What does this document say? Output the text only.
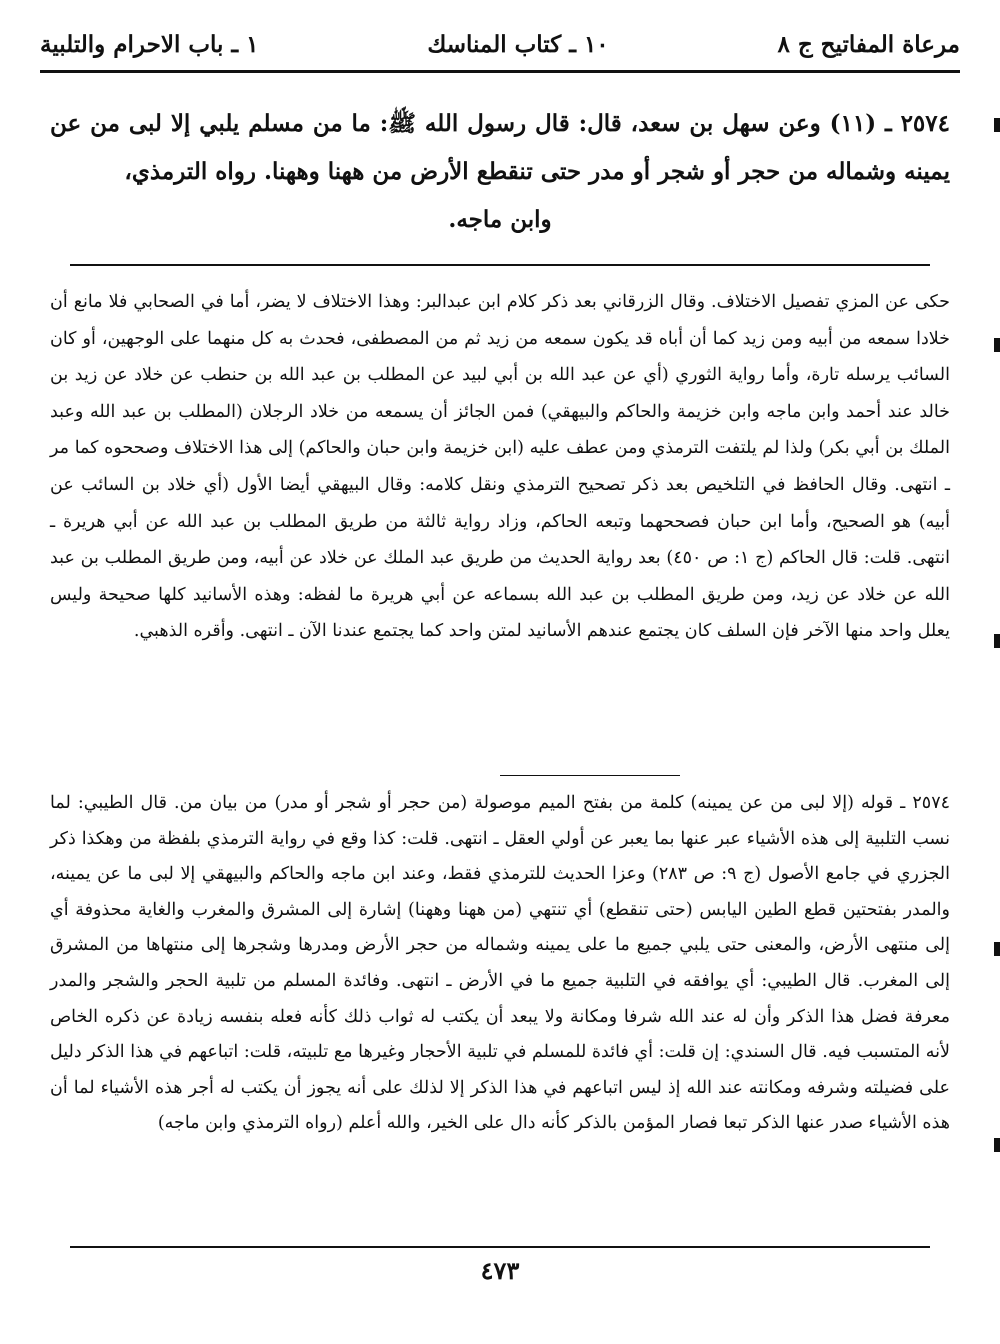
مرعاة المفاتيح ج ٨
١٠ ـ كتاب المناسك
١ ـ باب الاحرام والتلبية
٢٥٧٤ ـ (١١) وعن سهل بن سعد، قال: قال رسول الله ﷺ: ما من مسلم يلبي إلا لبى من عن يمينه وشماله من حجر أو شجر أو مدر حتى تنقطع الأرض من ههنا وههنا. رواه الترمذي،
وابن ماجه.

حكى عن المزي تفصيل الاختلاف. وقال الزرقاني بعد ذكر كلام ابن عبدالبر: وهذا الاختلاف لا يضر، أما في الصحابي فلا مانع أن خلادا سمعه من أبيه ومن زيد كما أن أباه قد يكون سمعه من زيد ثم من المصطفى، فحدث به كل منهما على الوجهين، أو كان السائب يرسله تارة، وأما رواية الثوري (أي عن عبد الله بن أبي لبيد عن المطلب بن عبد الله بن حنطب عن خلاد عن زيد بن خالد عند أحمد وابن ماجه وابن خزيمة والحاكم والبيهقي) فمن الجائز أن يسمعه من خلاد الرجلان (المطلب بن عبد الله وعبد الملك بن أبي بكر) ولذا لم يلتفت الترمذي ومن عطف عليه (ابن خزيمة وابن حبان والحاكم) إلى هذا الاختلاف وصححوه كما مر ـ انتهى. وقال الحافظ في التلخيص بعد ذكر تصحيح الترمذي ونقل كلامه: وقال البيهقي أيضا الأول (أي خلاد بن السائب عن أبيه) هو الصحيح، وأما ابن حبان فصححهما وتبعه الحاكم، وزاد رواية ثالثة من طريق المطلب بن عبد الله عن أبي هريرة ـ انتهى. قلت: قال الحاكم (ج ١: ص ٤٥٠) بعد رواية الحديث من طريق عبد الملك عن خلاد عن أبيه، ومن طريق المطلب بن عبد الله عن خلاد عن زيد، ومن طريق المطلب بن عبد الله بسماعه عن أبي هريرة ما لفظه: وهذه الأسانيد كلها صحيحة وليس يعلل واحد منها الآخر فإن السلف كان يجتمع عندهم الأسانيد لمتن واحد كما يجتمع عندنا الآن ـ انتهى. وأقره الذهبي.

٢٥٧٤ ـ قوله (إلا لبى من عن يمينه) كلمة من بفتح الميم موصولة (من حجر أو شجر أو مدر) من بيان من. قال الطيبي: لما نسب التلبية إلى هذه الأشياء عبر عنها بما يعبر عن أولي العقل ـ انتهى. قلت: كذا وقع في رواية الترمذي بلفظة من وهكذا ذكر الجزري في جامع الأصول (ج ٩: ص ٢٨٣) وعزا الحديث للترمذي فقط، وعند ابن ماجه والحاكم والبيهقي إلا لبى ما عن يمينه، والمدر بفتحتين قطع الطين اليابس (حتى تنقطع) أي تنتهي (من ههنا وههنا) إشارة إلى المشرق والمغرب والغاية محذوفة أي إلى منتهى الأرض، والمعنى حتى يلبي جميع ما على يمينه وشماله من حجر الأرض ومدرها وشجرها إلى منتهاها من المشرق إلى المغرب. قال الطيبي: أي يوافقه في التلبية جميع ما في الأرض ـ انتهى. وفائدة المسلم من تلبية الحجر والشجر والمدر معرفة فضل هذا الذكر وأن له عند الله شرفا ومكانة ولا يبعد أن يكتب له ثواب ذلك كأنه فعله بنفسه زيادة عن ذكره الخاص لأنه المتسبب فيه. قال السندي: إن قلت: أي فائدة للمسلم في تلبية الأحجار وغيرها مع تلبيته، قلت: اتباعهم في هذا الذكر دليل على فضيلته وشرفه ومكانته عند الله إذ ليس اتباعهم في هذا الذكر إلا لذلك على أنه يجوز أن يكتب له أجر هذه الأشياء لما أن هذه الأشياء صدر عنها الذكر تبعا فصار المؤمن بالذكر كأنه دال على الخير، والله أعلم (رواه الترمذي وابن ماجه)

٤٧٣
